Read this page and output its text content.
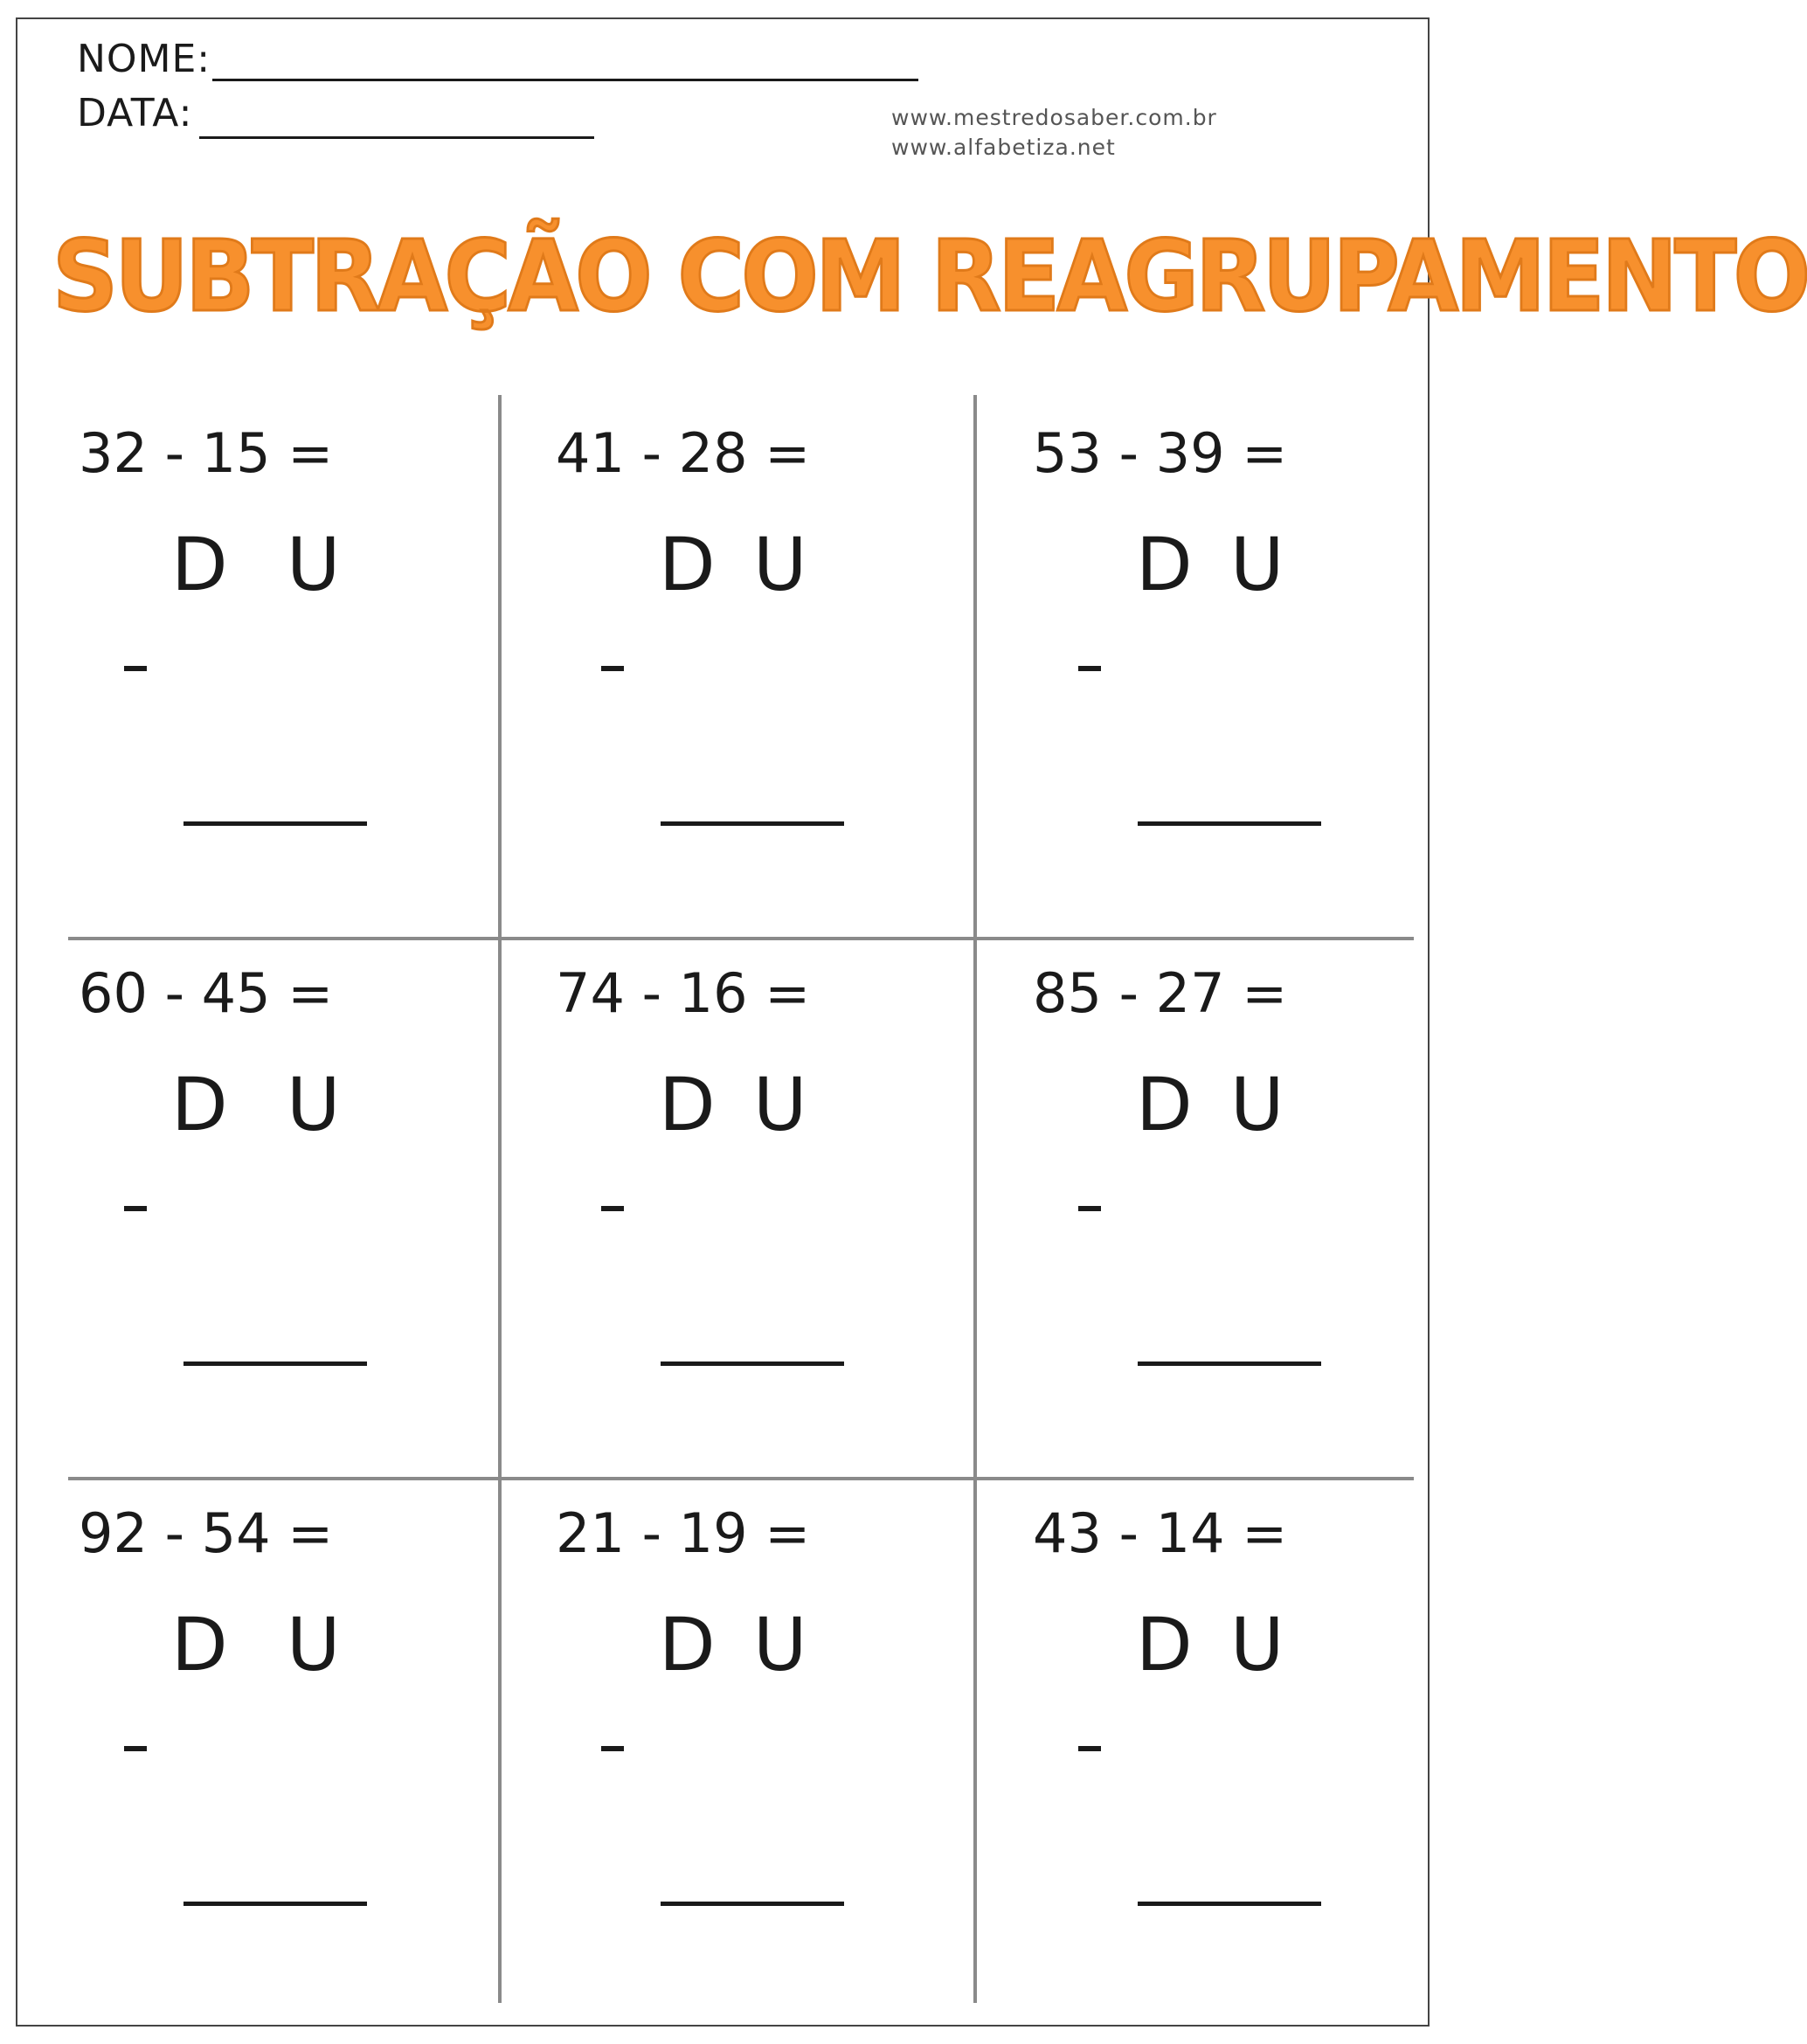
NOME:
DATA:	www.mestredosaber.com.br
www.alfabetiza.net
SUBTRAÇÃO COM REAGRUPAMENTO
32 - 15 =
D U
41 - 28 =
D U
53 - 39 =
D U
60 - 45 =
D U
74 - 16 =
D U
85 - 27 =
D U
92 - 54 =
D U
21 - 19 =
D U
43 - 14 =
D U
